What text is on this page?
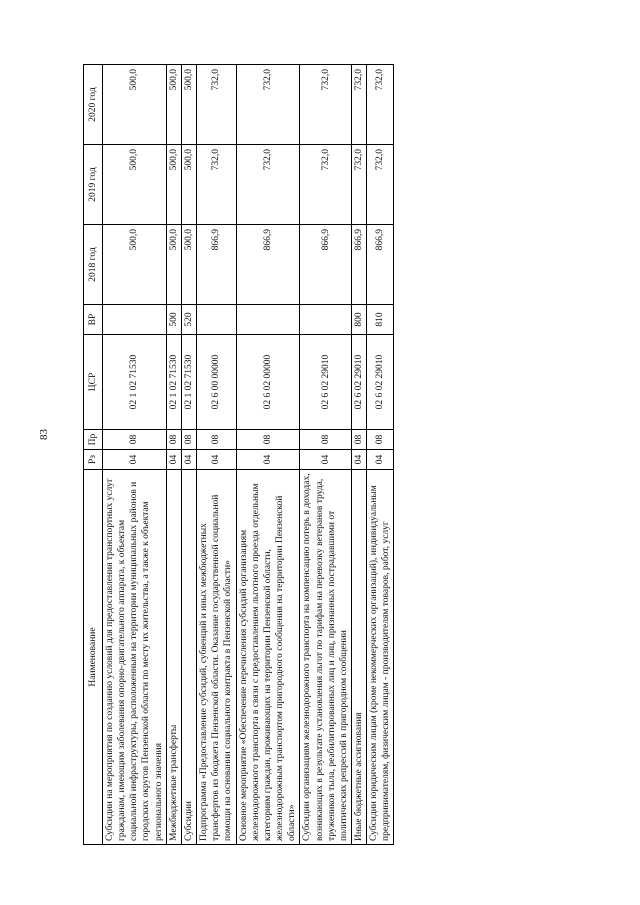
83
Наименование	Рз	Пр	ЦСР	ВР	2018 год	2019 год	2020 год
Субсидии на мероприятия по созданию условий для предоставления транспортных услуг гражданам, имеющим заболевания опорно-двигательного аппарата, к объектам социальной инфраструктуры, расположенным на территории муниципальных районов и городских округов Пензенской области по месту их жительства, а также к объектам регионального значения	04	08	02 1 02 71530		500,0	500,0	500,0
Межбюджетные трансферты	04	08	02 1 02 71530	500	500,0	500,0	500,0
Субсидии	04	08	02 1 02 71530	520	500,0	500,0	500,0
Подпрограмма «Предоставление субсидий, субвенций и иных межбюджетных трансфертов из бюджета Пензенской области. Оказание государственной социальной помощи на основании социального контракта в Пензенской области»	04	08	02 6 00 00000		866,9	732,0	732,0
Основное мероприятие «Обеспечение перечисления субсидий организациям железнодорожного транспорта в связи с предоставлением льготного проезда отдельным категориям граждан, проживающих на территории Пензенской области, железнодорожным транспортом пригородного сообщения на территории Пензенской области»	04	08	02 6 02 00000		866,9	732,0	732,0
Субсидии организациям железнодорожного транспорта на компенсацию потерь в доходах, возникающих в результате установления льгот по тарифам на перевозку ветеранов труда, тружеников тыла, реабилитированных лиц и лиц, признанных пострадавшими от политических репрессий в пригородном сообщении	04	08	02 6 02 29010		866,9	732,0	732,0
Иные бюджетные ассигнования	04	08	02 6 02 29010	800	866,9	732,0	732,0
Субсидии юридическим лицам (кроме некоммерческих организаций), индивидуальным предпринимателям, физическим лицам - производителям товаров, работ, услуг	04	08	02 6 02 29010	810	866,9	732,0	732,0
